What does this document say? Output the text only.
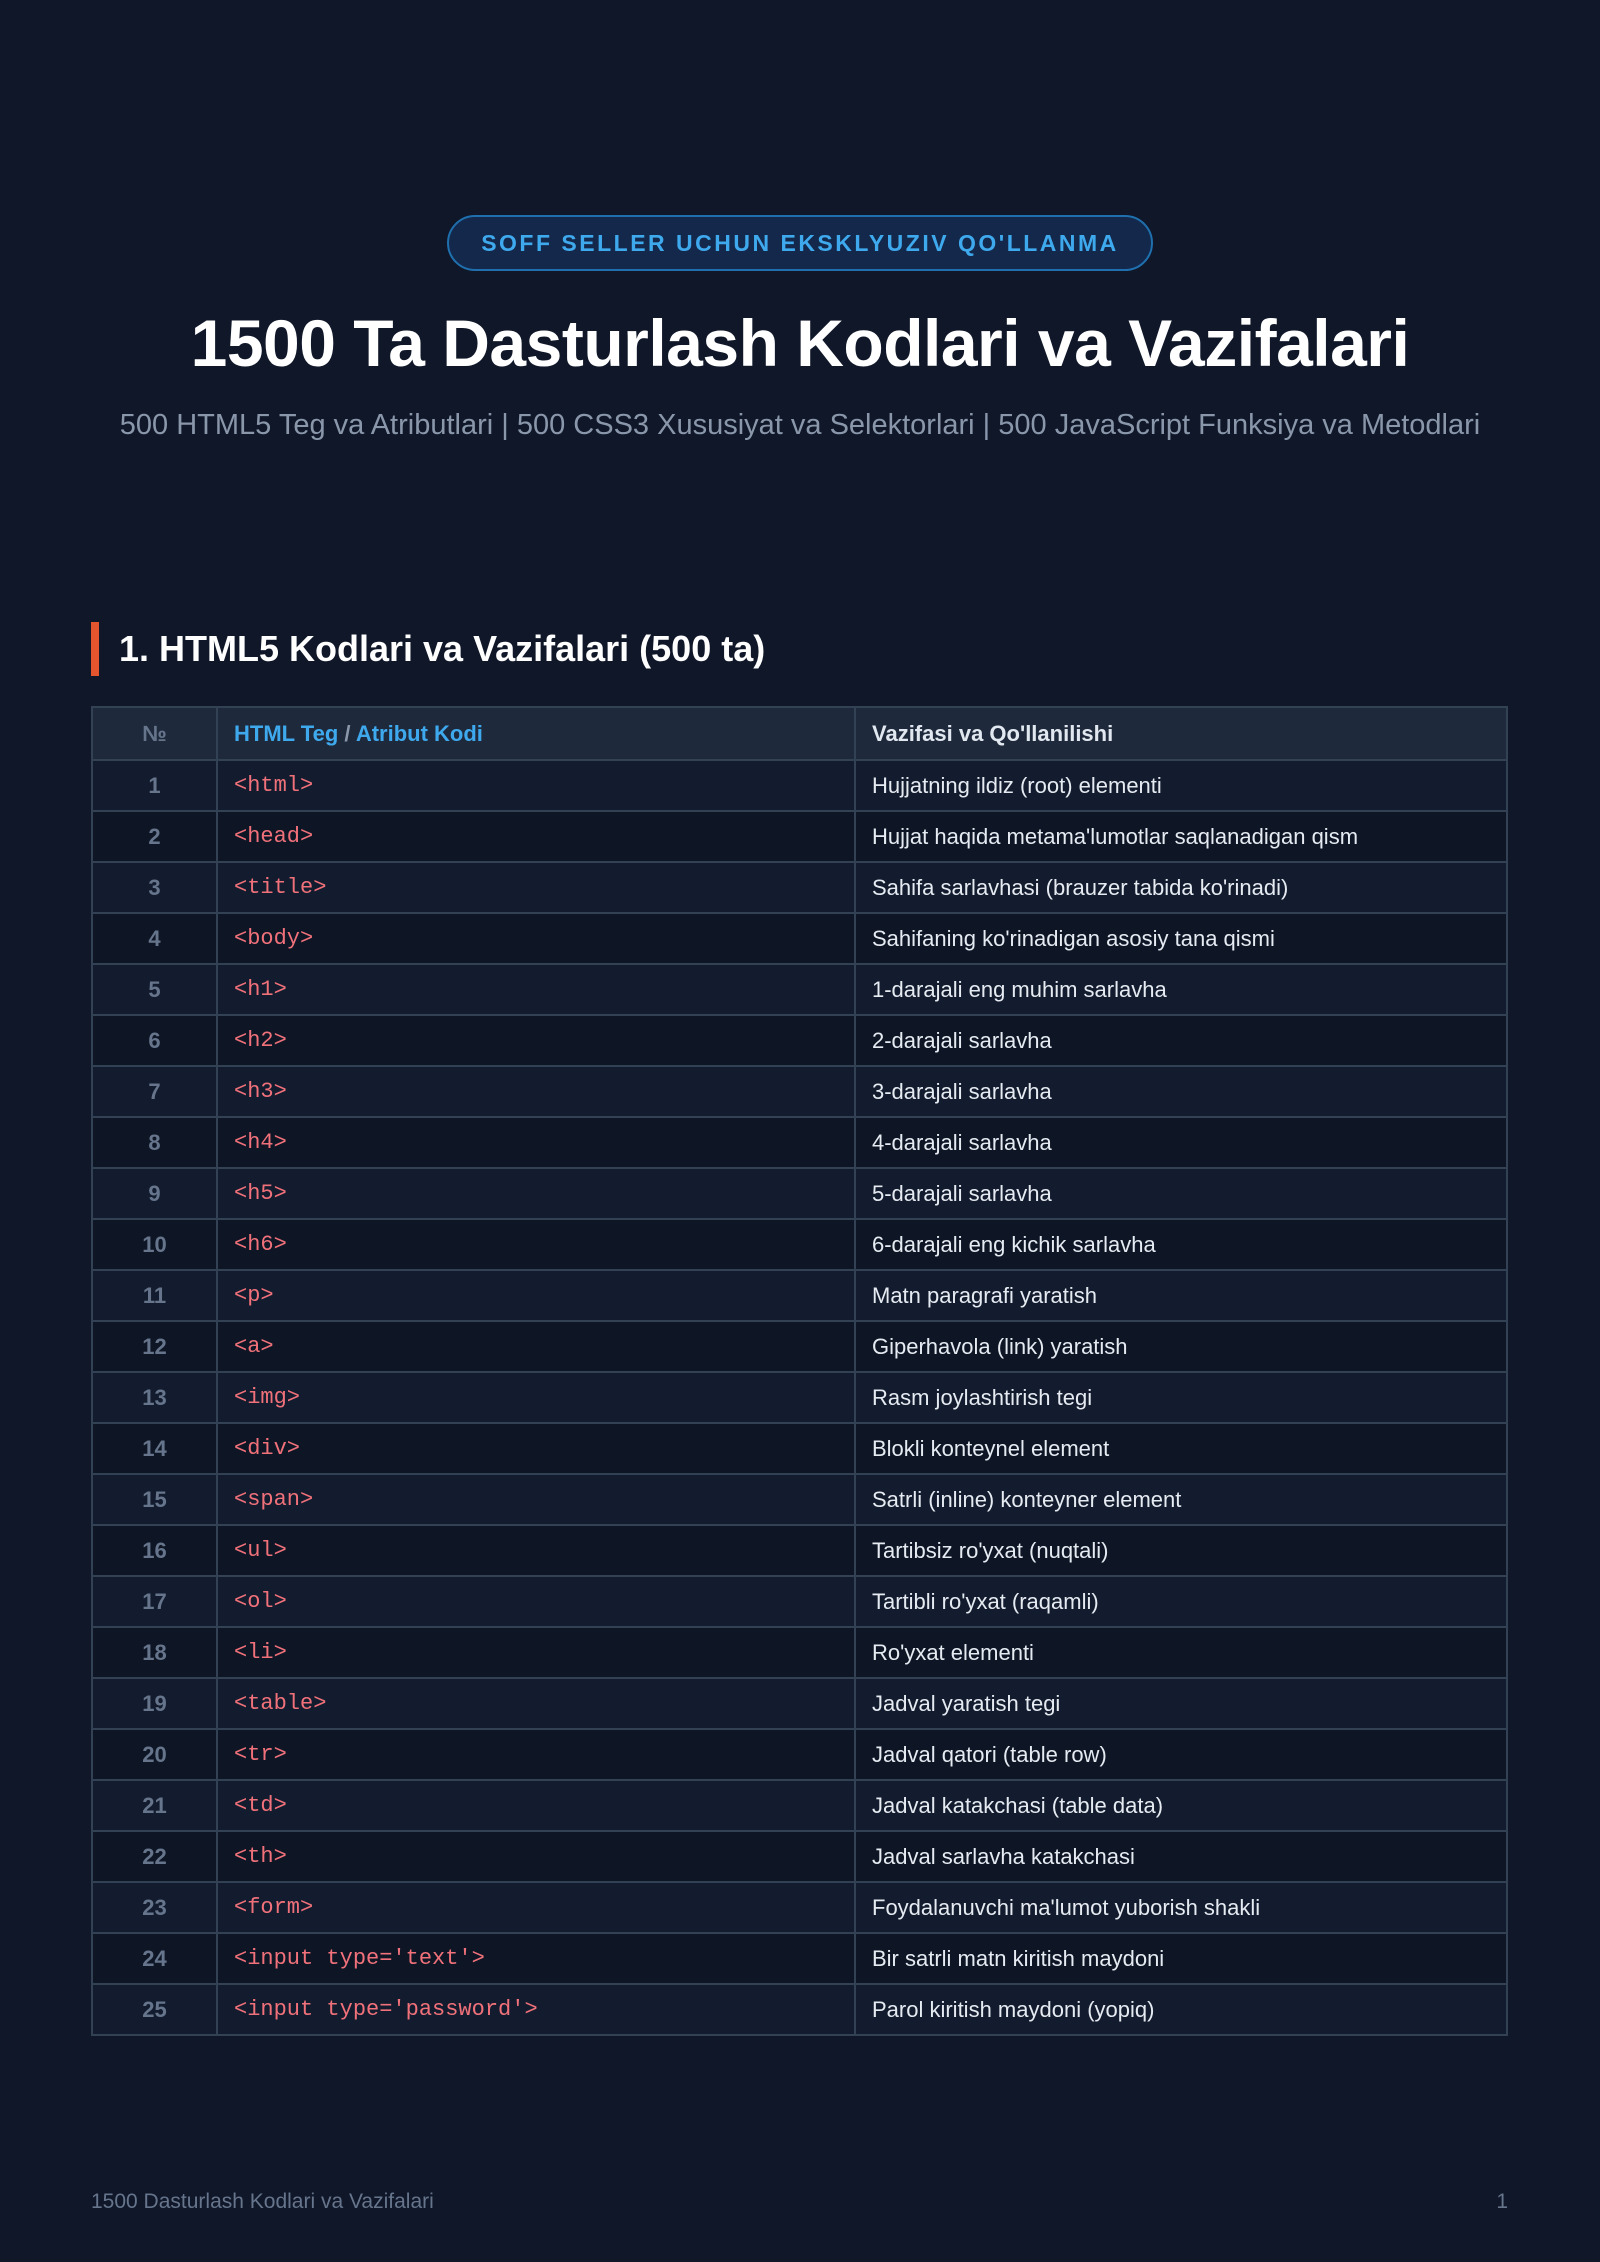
SOFF SELLER UCHUN EKSKLYUZIV QO'LLANMA
1500 Ta Dasturlash Kodlari va Vazifalari

500 HTML5 Teg va Atributlari | 500 CSS3 Xususiyat va Selektorlari | 500 JavaScript Funksiya va Metodlari

1. HTML5 Kodlari va Vazifalari (500 ta)
№	HTML Teg / Atribut Kodi	Vazifasi va Qo'llanilishi
1	<html>	Hujjatning ildiz (root) elementi
2	<head>	Hujjat haqida metama'lumotlar saqlanadigan qism
3	<title>	Sahifa sarlavhasi (brauzer tabida ko'rinadi)
4	<body>	Sahifaning ko'rinadigan asosiy tana qismi
5	<h1>	1-darajali eng muhim sarlavha
6	<h2>	2-darajali sarlavha
7	<h3>	3-darajali sarlavha
8	<h4>	4-darajali sarlavha
9	<h5>	5-darajali sarlavha
10	<h6>	6-darajali eng kichik sarlavha
11	<p>	Matn paragrafi yaratish
12	<a>	Giperhavola (link) yaratish
13	<img>	Rasm joylashtirish tegi
14	<div>	Blokli konteynel element
15	<span>	Satrli (inline) konteyner element
16	<ul>	Tartibsiz ro'yxat (nuqtali)
17	<ol>	Tartibli ro'yxat (raqamli)
18	<li>	Ro'yxat elementi
19	<table>	Jadval yaratish tegi
20	<tr>	Jadval qatori (table row)
21	<td>	Jadval katakchasi (table data)
22	<th>	Jadval sarlavha katakchasi
23	<form>	Foydalanuvchi ma'lumot yuborish shakli
24	<input type='text'>	Bir satrli matn kiritish maydoni
25	<input type='password'>	Parol kiritish maydoni (yopiq)
1500 Dasturlash Kodlari va Vazifalari	1
